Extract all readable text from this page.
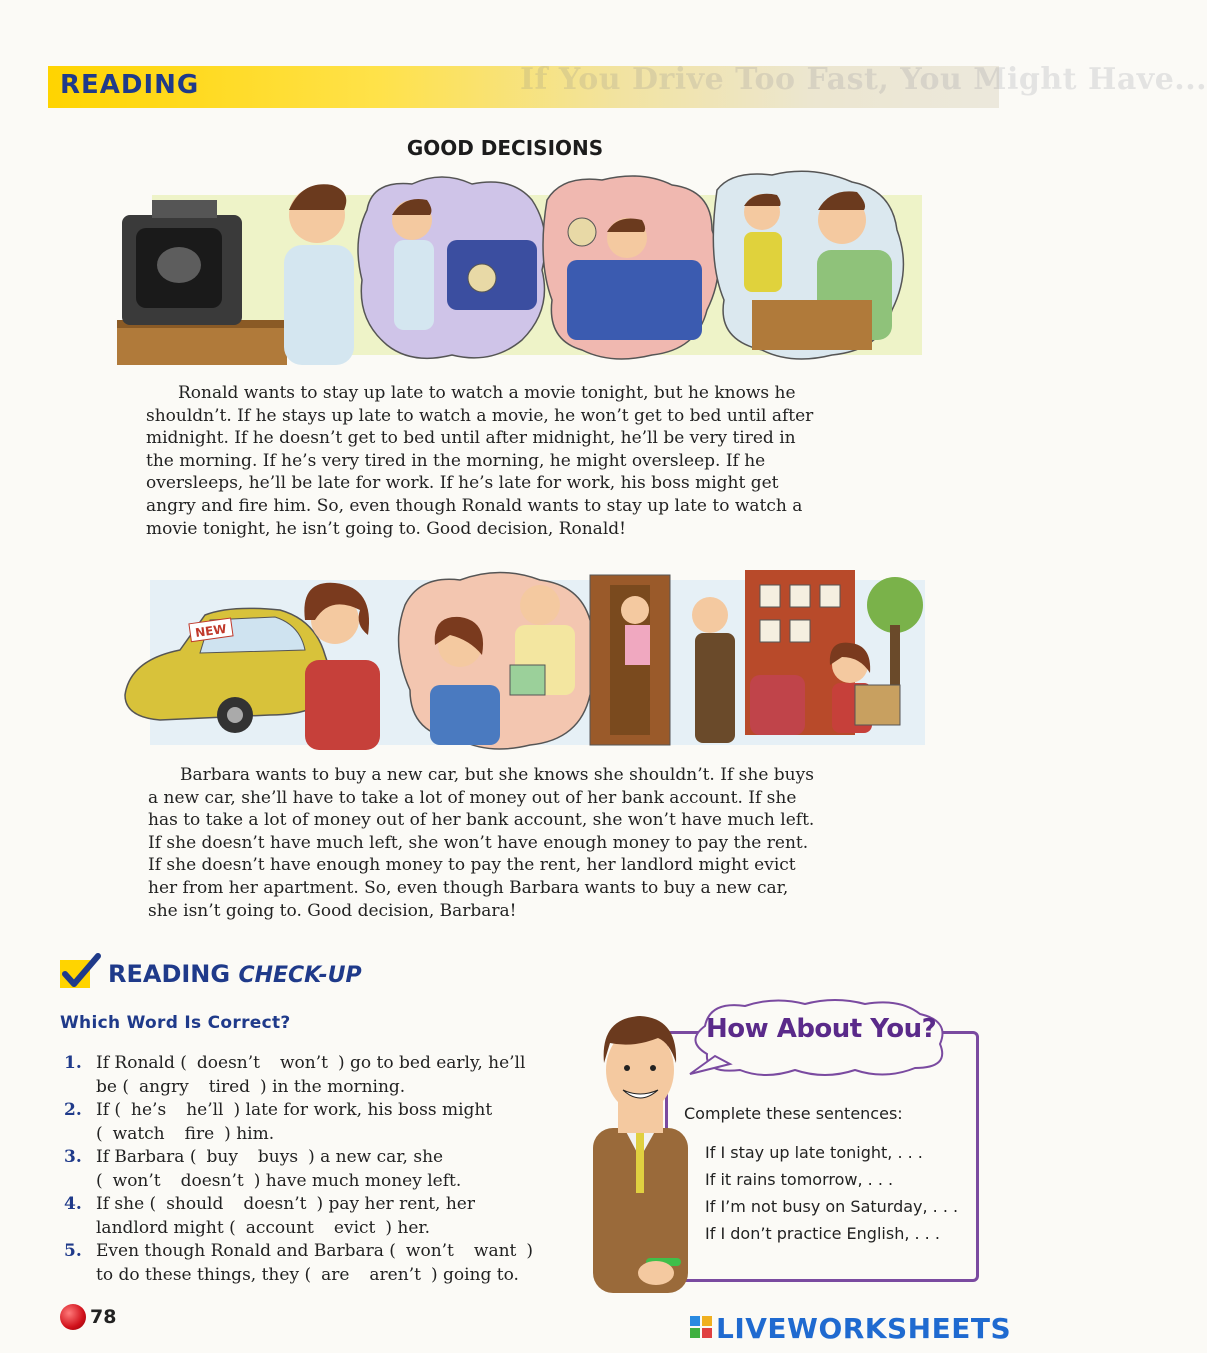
If You Drive Too Fast, You Might Have...
READING
GOOD DECISIONS
Ronald wants to stay up late to watch a movie tonight, but he knows he
shouldn’t. If he stays up late to watch a movie, he won’t get to bed until after
midnight. If he doesn’t get to bed until after midnight, he’ll be very tired in
the morning. If he’s very tired in the morning, he might oversleep. If he
oversleeps, he’ll be late for work. If he’s late for work, his boss might get
angry and fire him. So, even though Ronald wants to stay up late to watch a
movie tonight, he isn’t going to. Good decision, Ronald!
NEW
Barbara wants to buy a new car, but she knows she shouldn’t. If she buys
a new car, she’ll have to take a lot of money out of her bank account. If she
has to take a lot of money out of her bank account, she won’t have much left.
If she doesn’t have much left, she won’t have enough money to pay the rent.
If she doesn’t have enough money to pay the rent, her landlord might evict
her from her apartment. So, even though Barbara wants to buy a new car,
she isn’t going to. Good decision, Barbara!
READING CHECK-UP
Which Word Is Correct?
1. If Ronald ( doesn’t won’t ) go to bed early, he’ll
be ( angry tired ) in the morning.
2. If ( he’s he’ll ) late for work, his boss might
( watch fire ) him.
3. If Barbara ( buy buys ) a new car, she
( won’t doesn’t ) have much money left.
4. If she ( should doesn’t ) pay her rent, her
landlord might ( account evict ) her.
5. Even though Ronald and Barbara ( won’t want )
to do these things, they ( are aren’t ) going to.
How About You?
Complete these sentences:
If I stay up late tonight, . . .
If it rains tomorrow, . . .
If I’m not busy on Saturday, . . .
If I don’t practice English, . . .
78	LIVEWORKSHEETS
